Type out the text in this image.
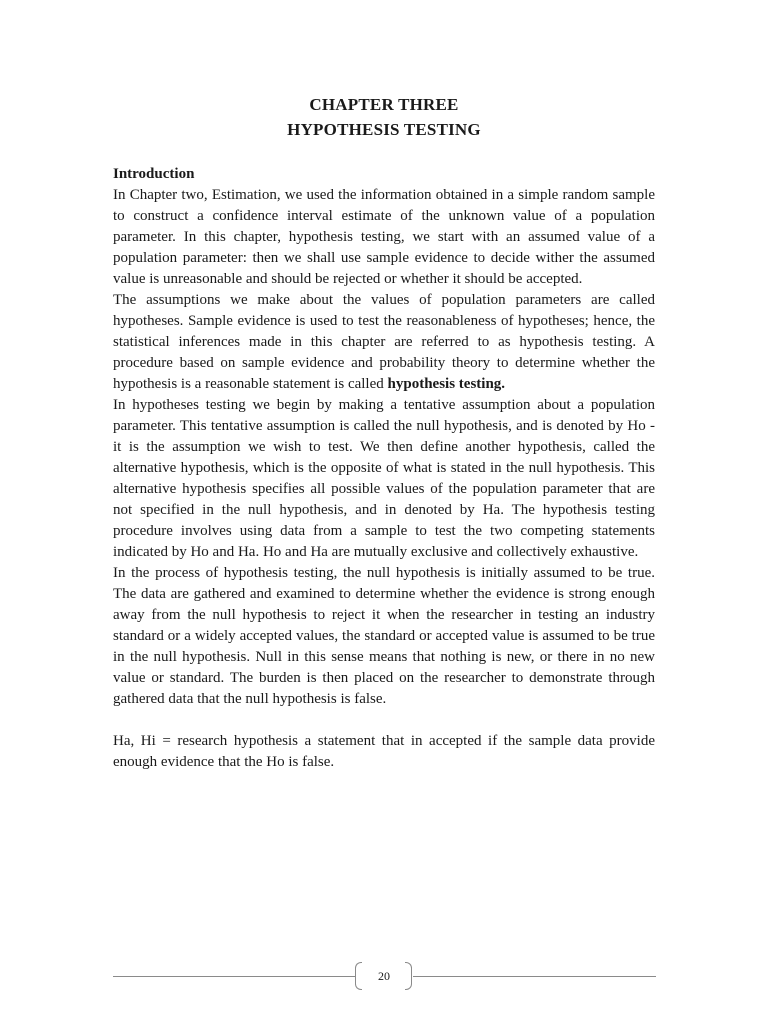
CHAPTER THREE
HYPOTHESIS TESTING

Introduction

In Chapter two, Estimation, we used the information obtained in a simple random sample to construct a confidence interval estimate of the unknown value of a population parameter. In this chapter, hypothesis testing, we start with an assumed value of a population parameter: then we shall use sample evidence to decide wither the assumed value is unreasonable and should be rejected or whether it should be accepted.

The assumptions we make about the values of population parameters are called hypotheses. Sample evidence is used to test the reasonableness of hypotheses; hence, the statistical inferences made in this chapter are referred to as hypothesis testing. A procedure based on sample evidence and probability theory to determine whether the hypothesis is a reasonable statement is called hypothesis testing.

In hypotheses testing we begin by making a tentative assumption about a population parameter. This tentative assumption is called the null hypothesis, and is denoted by Ho - it is the assumption we wish to test. We then define another hypothesis, called the alternative hypothesis, which is the opposite of what is stated in the null hypothesis. This alternative hypothesis specifies all possible values of the population parameter that are not specified in the null hypothesis, and in denoted by Ha. The hypothesis testing procedure involves using data from a sample to test the two competing statements indicated by Ho and Ha. Ho and Ha are mutually exclusive and collectively exhaustive.

In the process of hypothesis testing, the null hypothesis is initially assumed to be true. The data are gathered and examined to determine whether the evidence is strong enough away from the null hypothesis to reject it when the researcher in testing an industry standard or a widely accepted values, the standard or accepted value is assumed to be true in the null hypothesis. Null in this sense means that nothing is new, or there in no new value or standard. The burden is then placed on the researcher to demonstrate through gathered data that the null hypothesis is false.

Ha, Hi = research hypothesis a statement that in accepted if the sample data provide enough evidence that the Ho is false.

20
